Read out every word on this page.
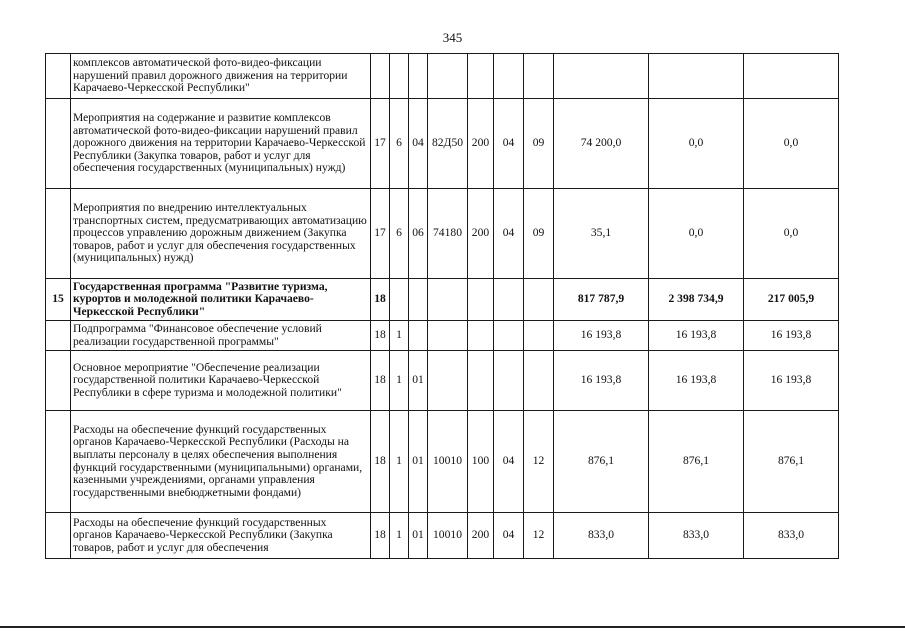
345
	комплексов автоматической фото-видео-фиксации нарушений правил дорожного движения на территории Карачаево-Черкесской Республики"										
	Мероприятия на содержание и развитие комплексов автоматической фото-видео-фиксации нарушений правил дорожного движения на территории Карачаево-Черкесской Республики (Закупка товаров, работ и услуг для обеспечения государственных (муниципальных) нужд)	17	6	04	82Д50	200	04	09	74 200,0	0,0	0,0
	Мероприятия по внедрению интеллектуальных транспортных систем, предусматривающих автоматизацию процессов управлению дорожным движением (Закупка товаров, работ и услуг для обеспечения государственных (муниципальных) нужд)	17	6	06	74180	200	04	09	35,1	0,0	0,0
15	Государственная программа "Развитие туризма, курортов и молодежной политики Карачаево-Черкесской Республики"	18							817 787,9	2 398 734,9	217 005,9
	Подпрограмма "Финансовое обеспечение условий реализации государственной программы"	18	1						16 193,8	16 193,8	16 193,8
	Основное мероприятие "Обеспечение реализации государственной политики Карачаево-Черкесской Республики в сфере туризма и молодежной политики"	18	1	01					16 193,8	16 193,8	16 193,8
	Расходы на обеспечение функций государственных органов Карачаево-Черкесской Республики (Расходы на выплаты персоналу в целях обеспечения выполнения функций государственными (муниципальными) органами, казенными учреждениями, органами управления государственными внебюджетными фондами)	18	1	01	10010	100	04	12	876,1	876,1	876,1
	Расходы на обеспечение функций государственных органов Карачаево-Черкесской Республики (Закупка товаров, работ и услуг для обеспечения	18	1	01	10010	200	04	12	833,0	833,0	833,0
